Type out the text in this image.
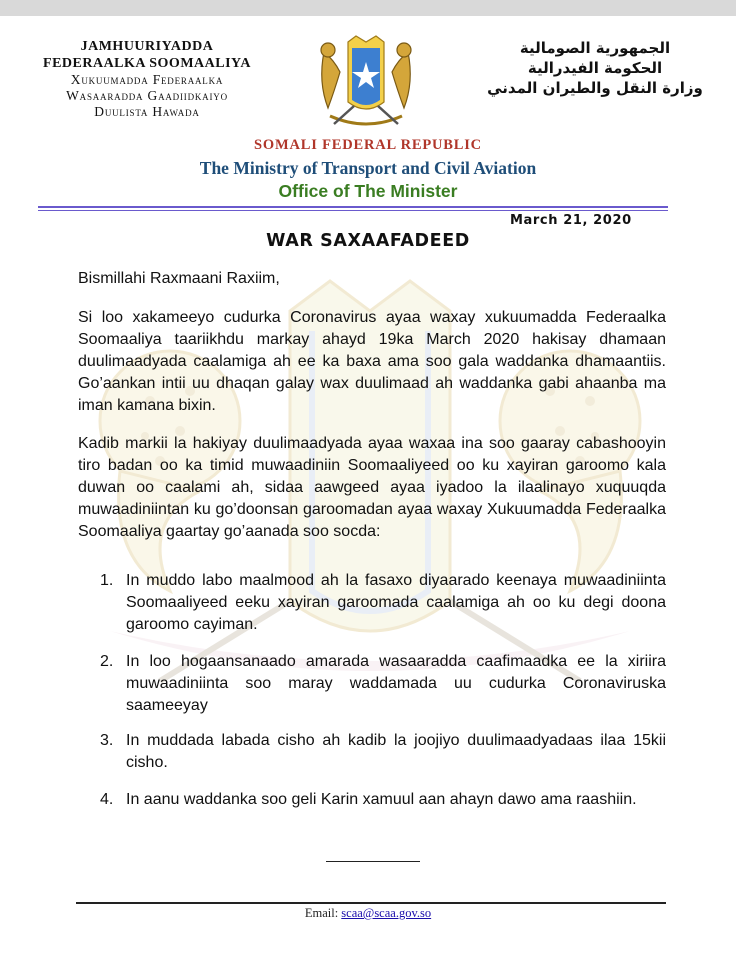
JAMHUURIYADDA
FEDERAALKA SOOMAALIYA
Xukuumadda Federaalka
Wasaaradda Gaadiidkaiyo
Duulista Hawada
الجمهورية الصومالية
الحكومة الفيدرالية
وزارة النقل والطيران المدني
SOMALI FEDERAL REPUBLIC
The Ministry of Transport and Civil Aviation
Office of The Minister
March 21, 2020
WAR SAXAAFADEED
Bismillahi Raxmaani Raxiim,
Si loo xakameeyo cudurka Coronavirus ayaa waxay xukuumadda Federaalka Soomaaliya taariikhdu markay ahayd 19ka March 2020 hakisay dhamaan duulimaadyada caalamiga ah ee ka baxa ama soo gala waddanka dhamaantiis. Go’aankan intii uu dhaqan galay wax duulimaad ah waddanka gabi ahaanba ma iman kamana bixin.
Kadib markii la hakiyay duulimaadyada ayaa waxaa ina soo gaaray cabashooyin tiro badan oo ka timid muwaadiniin Soomaaliyeed oo ku xayiran garoomo kala duwan oo caalami ah, sidaa aawgeed ayaa iyadoo la ilaalinayo xuquuqda muwaadiniintan ku go’doonsan garoomadan ayaa waxay Xukuumadda Federaalka Soomaaliya gaartay go’aanada soo socda:
1. In muddo labo maalmood ah la fasaxo diyaarado keenaya muwaadiniinta Soomaaliyeed eeku xayiran garoomada caalamiga ah oo ku degi doona garoomo cayiman.
2. In loo hogaansanaado amarada wasaaradda caafimaadka ee la xiriira muwaadiniinta soo maray waddamada uu cudurka Coronaviruska saameeyay
3. In muddada labada cisho ah kadib la joojiyo duulimaadyadaas ilaa 15kii cisho.
4. In aanu waddanka soo geli Karin xamuul aan ahayn dawo ama raashiin.
Email: scaa@scaa.gov.so
